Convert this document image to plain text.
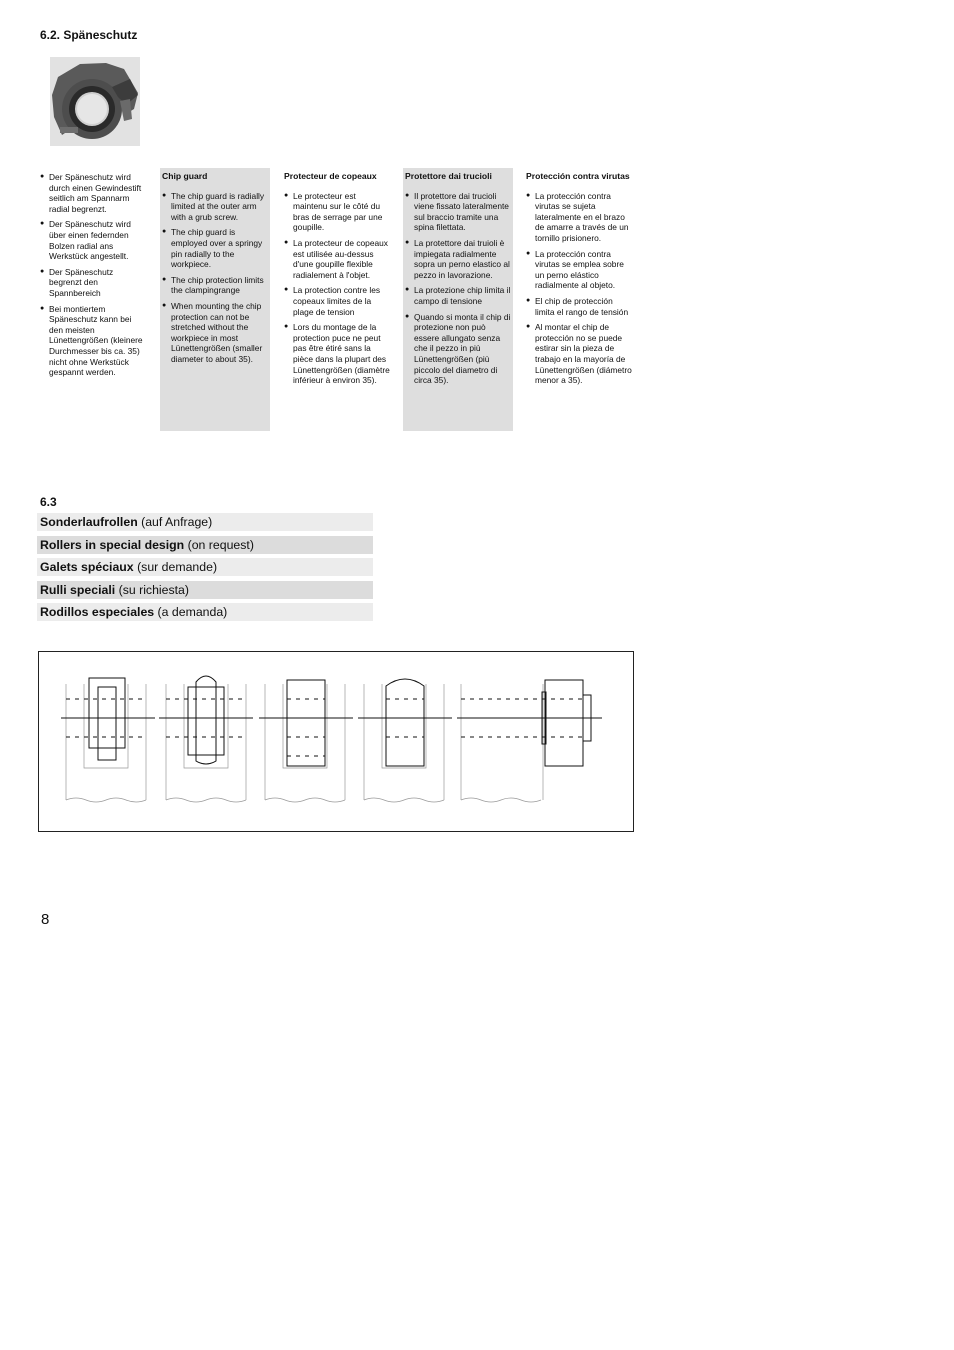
6.2. Späneschutz
● Der Späneschutz wird durch einen Gewindestift seitlich am Spannarm radial begrenzt.
● Der Späneschutz wird über einen federnden Bolzen radial ans Werkstück angestellt.
● Der Späneschutz begrenzt den Spannbereich
● Bei montiertem Späneschutz kann bei den meisten Lünettengrößen (kleinere Durchmesser bis ca. 35) nicht ohne Werkstück gespannt werden.
Chip guard
● The chip guard is radially limited at the outer arm with a grub screw.
● The chip guard is employed over a springy pin radially to the workpiece.
● The chip protection limits the clampingrange
● When mounting the chip protection can not be stretched without the workpiece in most Lünettengrößen (smaller diameter to about 35).
Protecteur de copeaux
● Le protecteur est maintenu sur le côté du bras de serrage par une goupille.
● La protecteur de copeaux est utilisée au-dessus d'une goupille flexible radialement à l'objet.
● La protection contre les copeaux limites de la plage de tension
● Lors du montage de la protection puce ne peut pas être étiré sans la pièce dans la plupart des Lünettengrößen (diamètre inférieur à environ 35).
Protettore dai trucioli
● Il protettore dai trucioli viene fissato lateralmente sul braccio tramite una spina filettata.
● La protettore dai truioli è impiegata radialmente sopra un perno elastico al pezzo in lavorazione.
● La protezione chip limita il campo di tensione
● Quando si monta il chip di protezione non può essere allungato senza che il pezzo in più Lünettengrößen (più piccolo del diametro di circa 35).
Protección contra virutas
● La protección contra virutas se sujeta lateralmente en el brazo de amarre a través de un tornillo prisionero.
● La protección contra virutas se emplea sobre un perno elástico radialmente al objeto.
● El chip de protección limita el rango de tensión
● Al montar el chip de protección no se puede estirar sin la pieza de trabajo en la mayoría de Lünettengrößen (diámetro menor a 35).
6.3
Sonderlaufrollen (auf Anfrage)
Rollers in special design (on request)
Galets spéciaux (sur demande)
Rulli speciali (su richiesta)
Rodillos especiales (a demanda)
8
